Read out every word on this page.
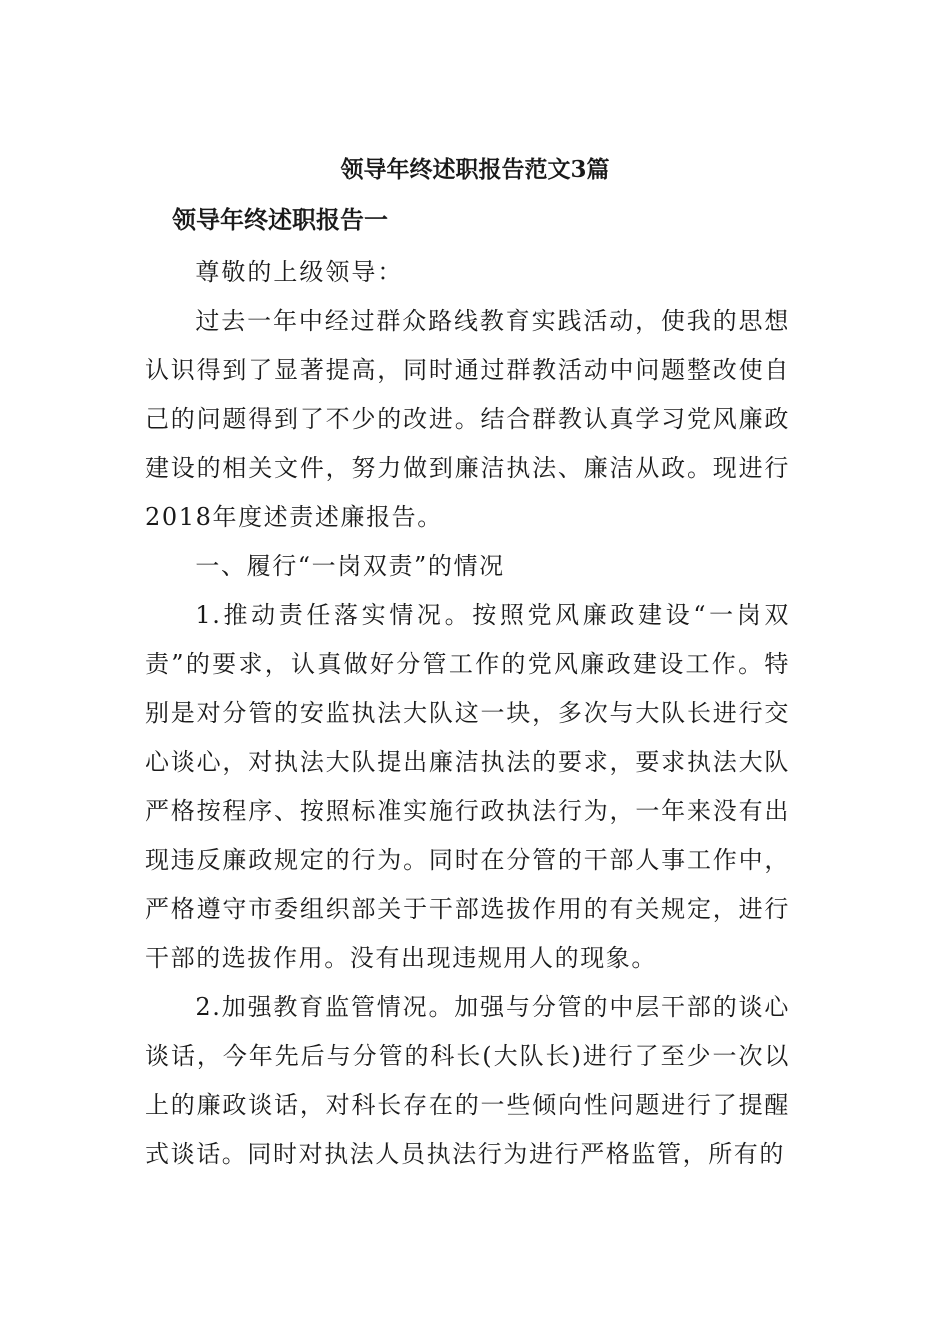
领导年终述职报告范文3篇
领导年终述职报告一

尊敬的上级领导：

过去一年中经过群众路线教育实践活动，使我的思想认识得到了显著提高，同时通过群教活动中问题整改使自己的问题得到了不少的改进。结合群教认真学习党风廉政建设的相关文件，努力做到廉洁执法、廉洁从政。现进行2018年度述责述廉报告。

一、履行“一岗双责”的情况

1.推动责任落实情况。按照党风廉政建设“一岗双责”的要求，认真做好分管工作的党风廉政建设工作。特别是对分管的安监执法大队这一块，多次与大队长进行交心谈心，对执法大队提出廉洁执法的要求，要求执法大队严格按程序、按照标准实施行政执法行为，一年来没有出现违反廉政规定的行为。同时在分管的干部人事工作中，严格遵守市委组织部关于干部选拔作用的有关规定，进行干部的选拔作用。没有出现违规用人的现象。

2.加强教育监管情况。加强与分管的中层干部的谈心谈话，今年先后与分管的科长(大队长)进行了至少一次以上的廉政谈话，对科长存在的一些倾向性问题进行了提醒式谈话。同时对执法人员执法行为进行严格监管，所有的
